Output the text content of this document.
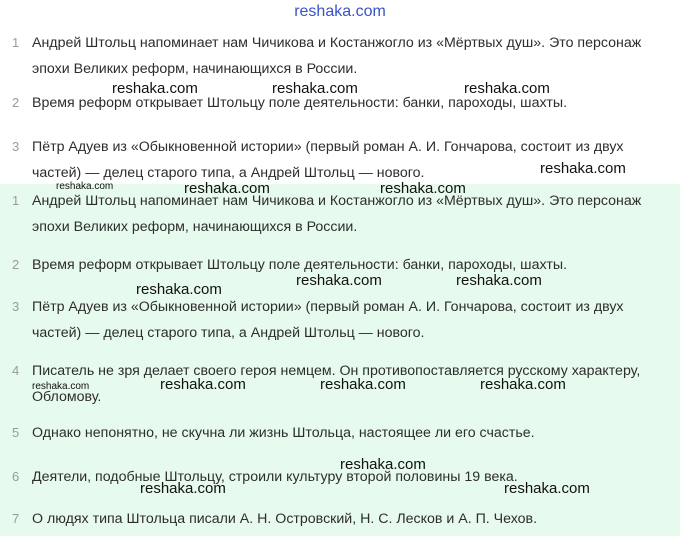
reshaka.com
1 Андрей Штольц напоминает нам Чичикова и Костанжогло из «Мёртвых душ». Это персонаж эпохи Великих реформ, начинающихся в России.
2 Время реформ открывает Штольцу поле деятельности: банки, пароходы, шахты.
3 Пётр Адуев из «Обыкновенной истории» (первый роман А. И. Гончарова, состоит из двух частей) — делец старого типа, а Андрей Штольц — нового.
1 Андрей Штольц напоминает нам Чичикова и Костанжогло из «Мёртвых душ». Это персонаж эпохи Великих реформ, начинающихся в России.
2 Время реформ открывает Штольцу поле деятельности: банки, пароходы, шахты.
3 Пётр Адуев из «Обыкновенной истории» (первый роман А. И. Гончарова, состоит из двух частей) — делец старого типа, а Андрей Штольц — нового.
4 Писатель не зря делает своего героя немцем. Он противопоставляется русскому характеру, Обломову.
5 Однако непонятно, не скучна ли жизнь Штольца, настоящее ли его счастье.
6 Деятели, подобные Штольцу, строили культуру второй половины 19 века.
7 О людях типа Штольца писали А. Н. Островский, Н. С. Лесков и А. П. Чехов.
reshaka.com	reshaka.com	reshaka.com
reshaka.com
reshaka.com	reshaka.com	reshaka.com
reshaka.com
reshaka.com	reshaka.com
reshaka.com	reshaka.com	reshaka.com	reshaka.com
reshaka.com
reshaka.com	reshaka.com
